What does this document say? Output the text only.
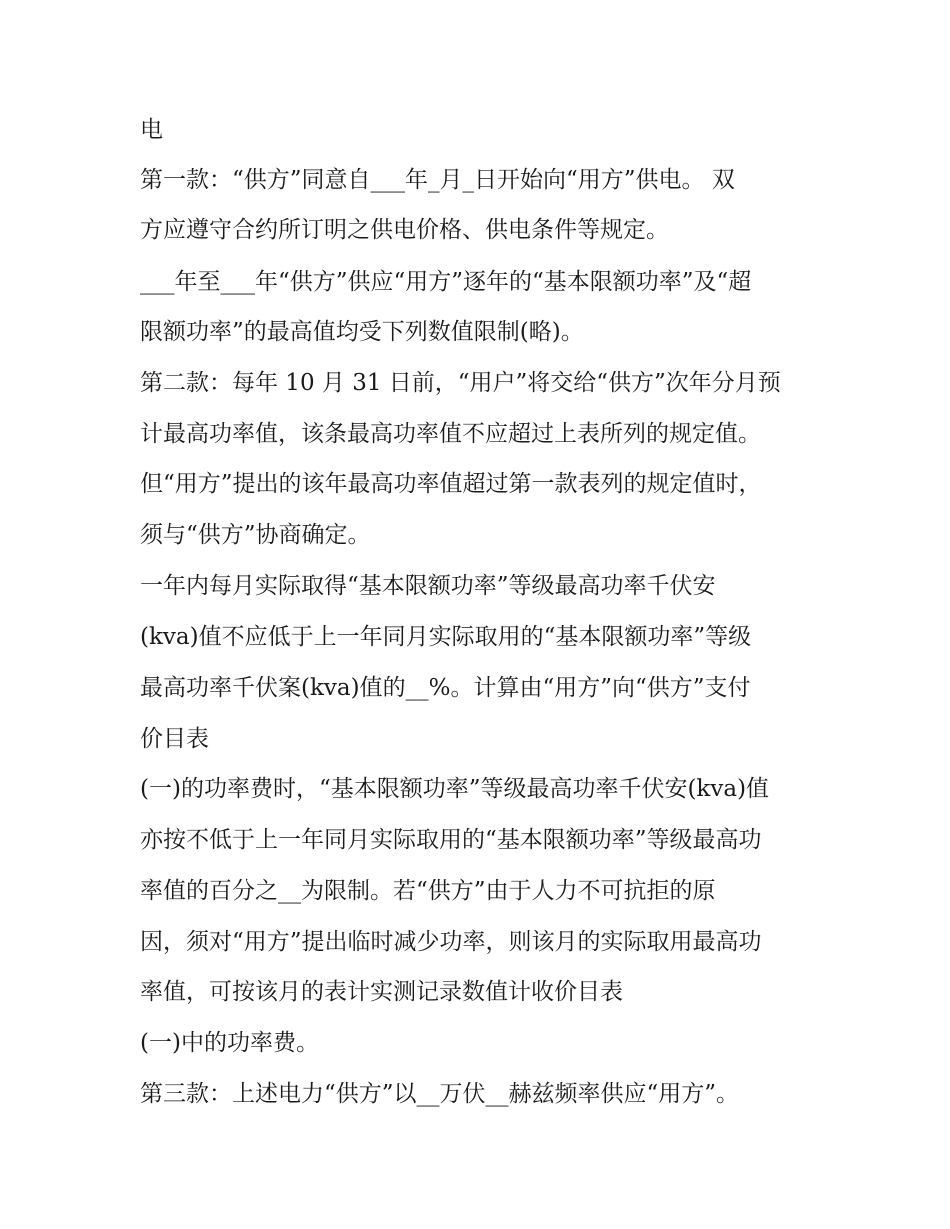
电
第一款：“供方”同意自___年_月_日开始向“用方”供电。 双
方应遵守合约所订明之供电价格、供电条件等规定。
___年至___年“供方”供应“用方”逐年的“基本限额功率”及“超
限额功率”的最高值均受下列数值限制(略)。
第二款：每年 10 月 31 日前，“用户”将交给“供方”次年分月预
计最高功率值，该条最高功率值不应超过上表所列的规定值。
但“用方”提出的该年最高功率值超过第一款表列的规定值时，
须与“供方”协商确定。
一年内每月实际取得“基本限额功率”等级最高功率千伏安
(kva)值不应低于上一年同月实际取用的“基本限额功率”等级
最高功率千伏案(kva)值的__%。计算由“用方”向“供方”支付
价目表
(一)的功率费时，“基本限额功率”等级最高功率千伏安(kva)值
亦按不低于上一年同月实际取用的“基本限额功率”等级最高功
率值的百分之__为限制。若“供方”由于人力不可抗拒的原
因，须对“用方”提出临时减少功率，则该月的实际取用最高功
率值，可按该月的表计实测记录数值计收价目表
(一)中的功率费。
第三款：上述电力“供方”以__万伏__赫兹频率供应“用方”。
